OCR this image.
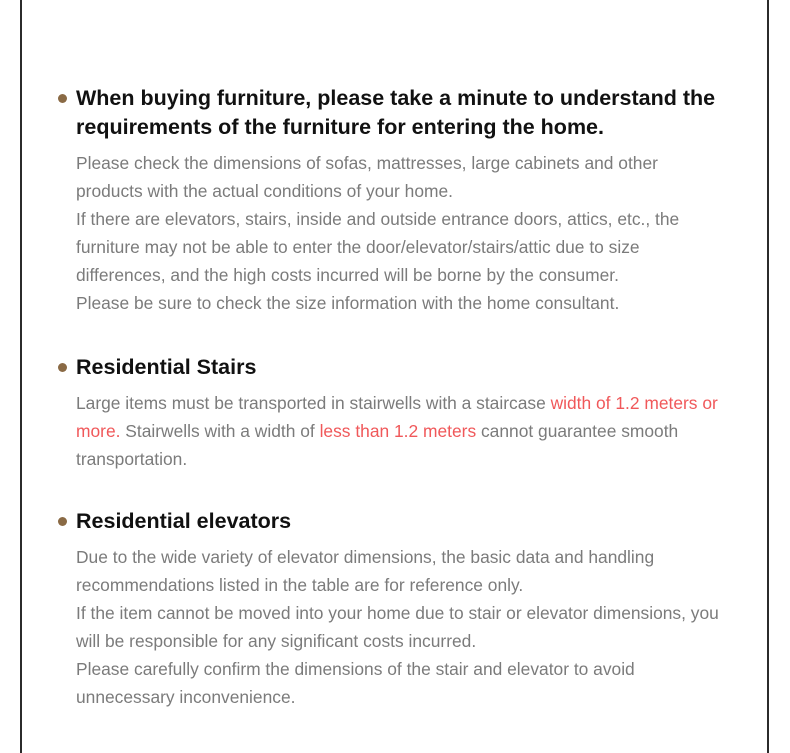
When buying furniture, please take a minute to understand the requirements of the furniture for entering the home.

Please check the dimensions of sofas, mattresses, large cabinets and other products with the actual conditions of your home.

If there are elevators, stairs, inside and outside entrance doors, attics, etc., the furniture may not be able to enter the door/elevator/stairs/attic due to size differences, and the high costs incurred will be borne by the consumer.

Please be sure to check the size information with the home consultant.

Residential Stairs

Large items must be transported in stairwells with a staircase width of 1.2 meters or more. Stairwells with a width of less than 1.2 meters cannot guarantee smooth transportation.

Residential elevators

Due to the wide variety of elevator dimensions, the basic data and handling recommendations listed in the table are for reference only.

If the item cannot be moved into your home due to stair or elevator dimensions, you will be responsible for any significant costs incurred.

Please carefully confirm the dimensions of the stair and elevator to avoid unnecessary inconvenience.
